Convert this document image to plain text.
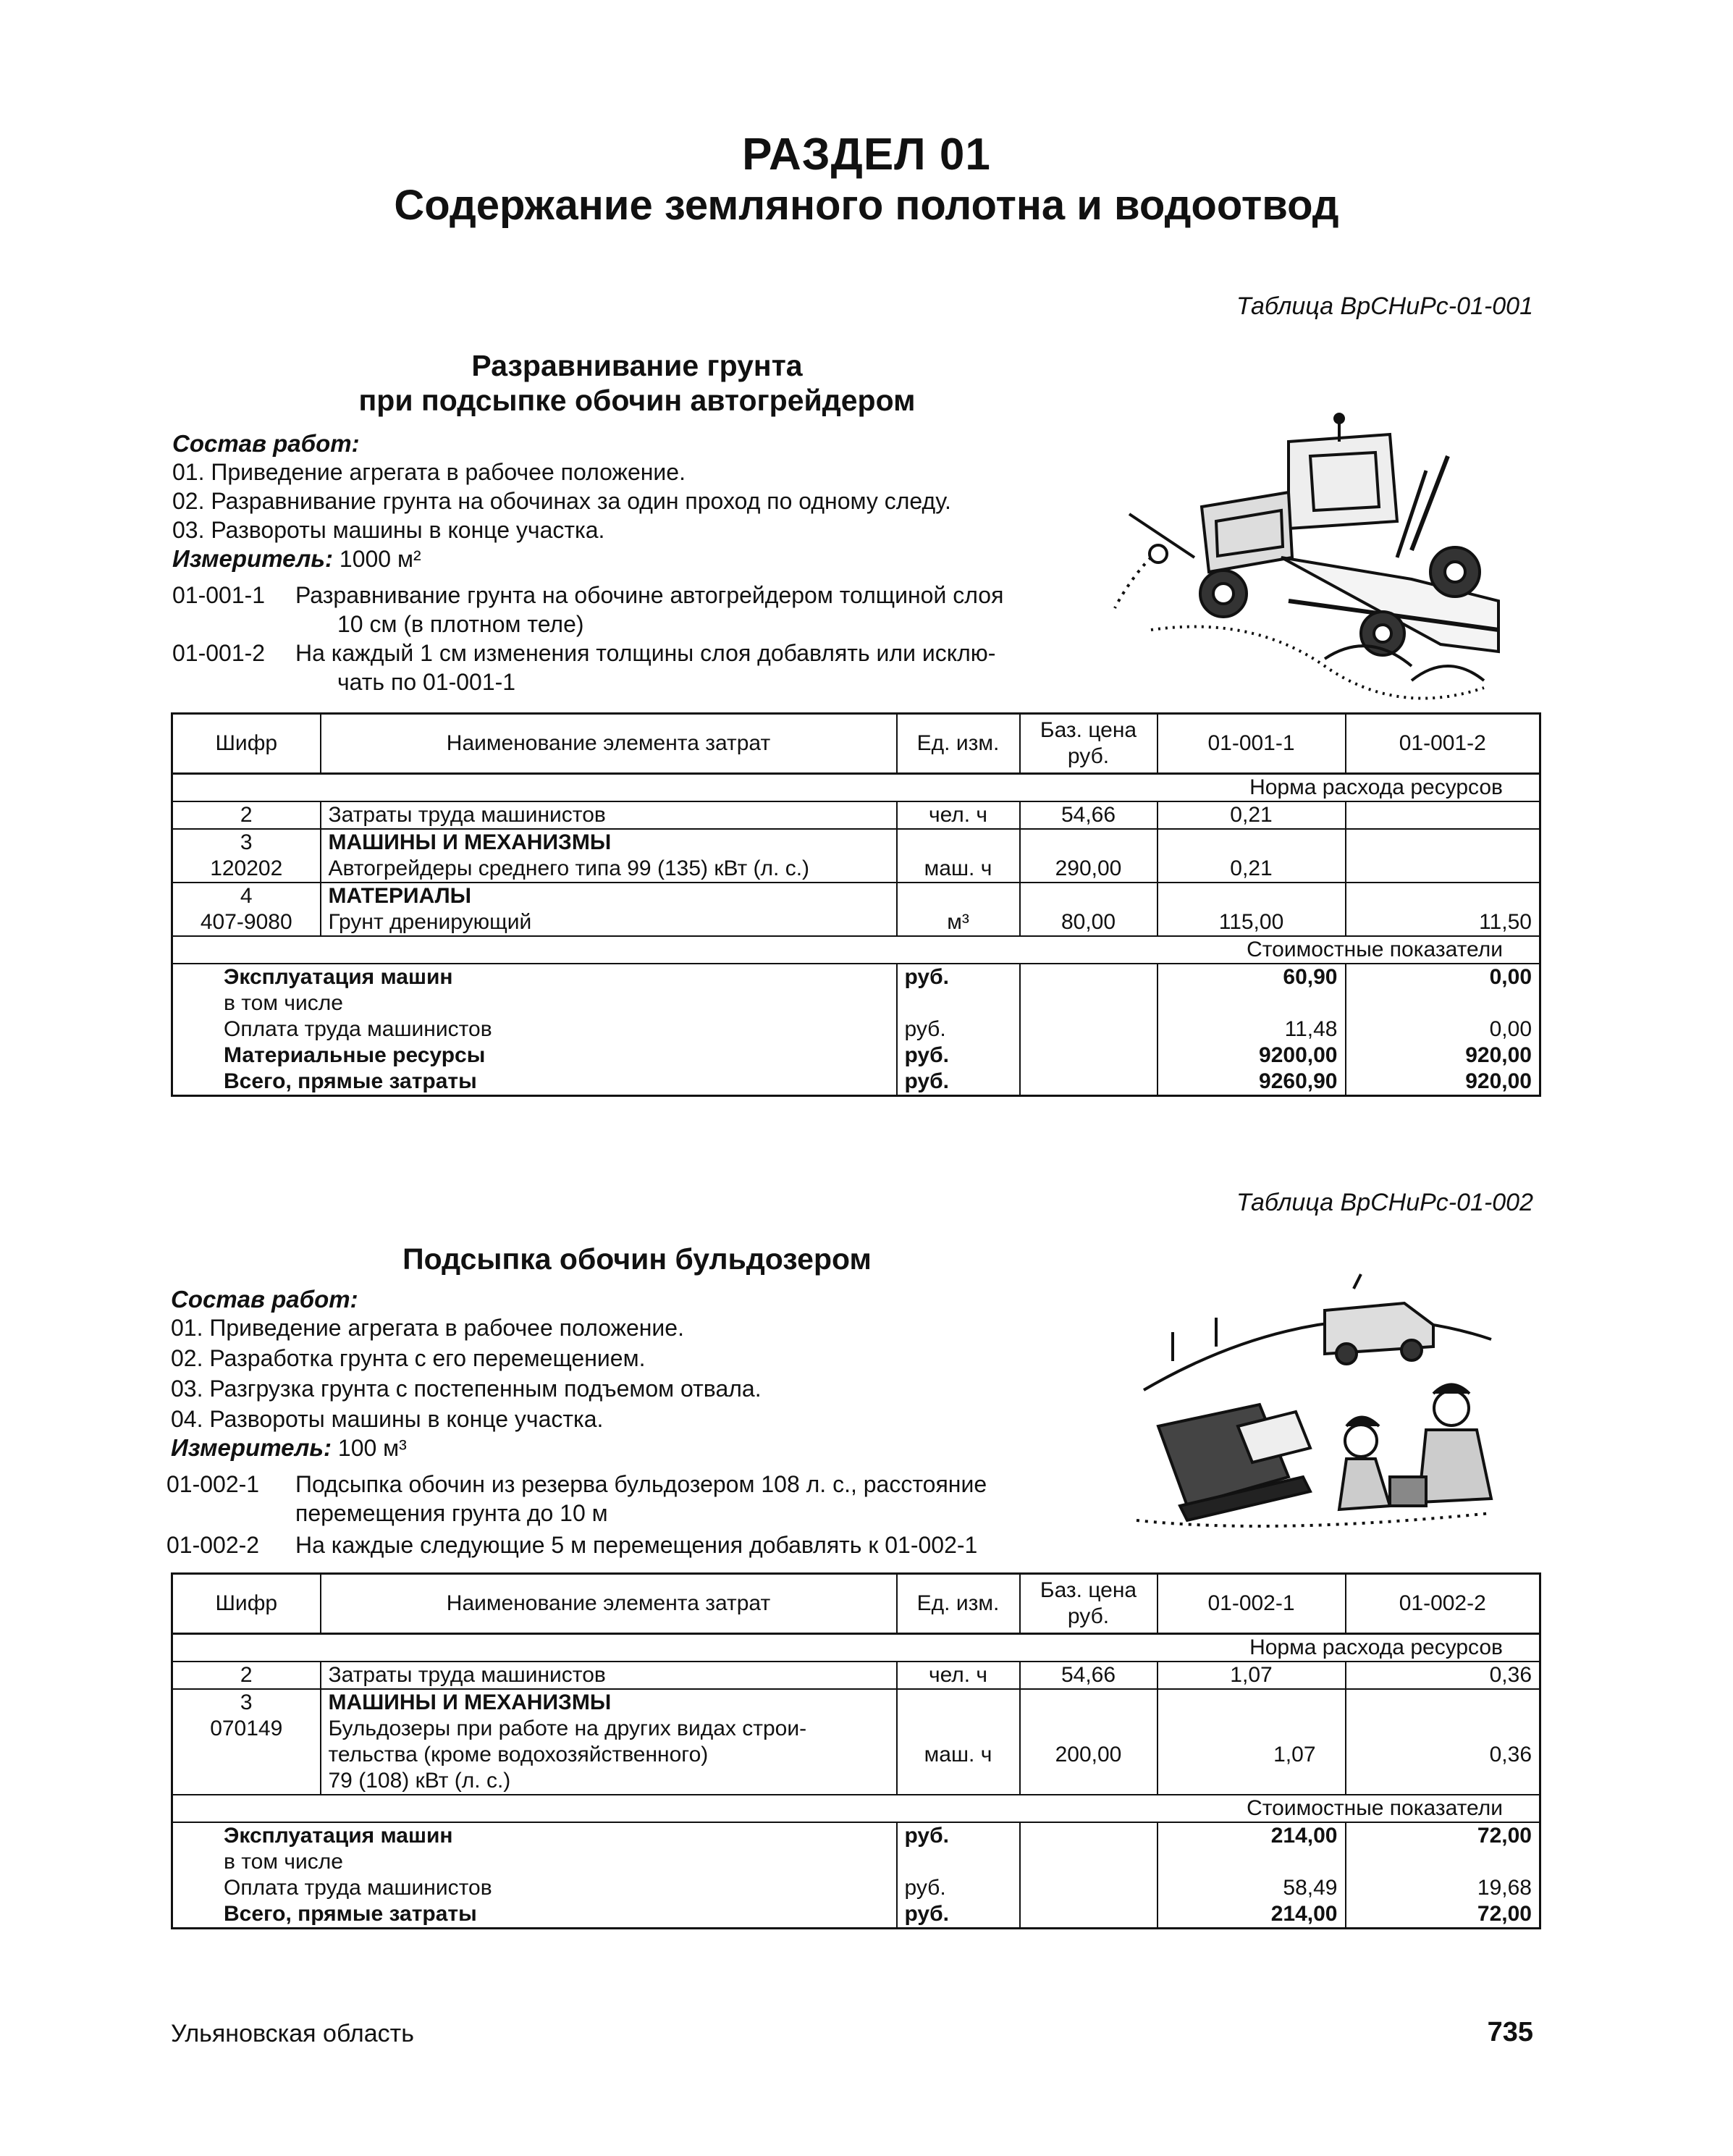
РАЗДЕЛ 01
Содержание земляного полотна и водоотвод
Таблица ВрСНиРс-01-001
Разравнивание грунта
при подсыпке обочин автогрейдером
Состав работ:
01. Приведение агрегата в рабочее положение.
02. Разравнивание грунта на обочинах за один проход по одному следу.
03. Развороты машины в конце участка.
Измеритель: 1000 м²
01-001-1 Разравнивание грунта на обочине автогрейдером толщиной слоя
10 см (в плотном теле)
01-001-2 На каждый 1 см изменения толщины слоя добавлять или исклю-
чать по 01-001-1
Шифр	Наименование элемента затрат	Ед. изм.	Баз. цена руб.	01-001-1	01-001-2
Норма расхода ресурсов					
2	Затраты труда машинистов	чел. ч	54,66	0,21	
3	МАШИНЫ И МЕХАНИЗМЫ				
120202	Автогрейдеры среднего типа 99 (135) кВт (л. с.)	маш. ч	290,00	0,21	
4	МАТЕРИАЛЫ				
407-9080	Грунт дренирующий	м³	80,00	115,00	11,50
Стоимостные показатели					
Эксплуатация машин		руб.		60,90	0,00
в том числе					
Оплата труда машинистов		руб.		11,48	0,00
Материальные ресурсы		руб.		9200,00	920,00
Всего, прямые затраты		руб.		9260,90	920,00
Таблица ВрСНиРс-01-002
Подсыпка обочин бульдозером
Состав работ:
01. Приведение агрегата в рабочее положение.
02. Разработка грунта с его перемещением.
03. Разгрузка грунта с постепенным подъемом отвала.
04. Развороты машины в конце участка.
Измеритель: 100 м³
01-002-1 Подсыпка обочин из резерва бульдозером 108 л. с., расстояние
перемещения грунта до 10 м
01-002-2 На каждые следующие 5 м перемещения добавлять к 01-002-1
Шифр	Наименование элемента затрат	Ед. изм.	Баз. цена руб.	01-002-1	01-002-2
Норма расхода ресурсов					
2	Затраты труда машинистов	чел. ч	54,66	1,07	0,36
3	МАШИНЫ И МЕХАНИЗМЫ				
070149	Бульдозеры при работе на других видах строи-
тельства (кроме водохозяйственного)
79 (108) кВт (л. с.)	маш. ч	200,00	1,07	0,36
Стоимостные показатели					
Эксплуатация машин		руб.		214,00	72,00
в том числе					
Оплата труда машинистов		руб.		58,49	19,68
Всего, прямые затраты		руб.		214,00	72,00
Ульяновская область	735
